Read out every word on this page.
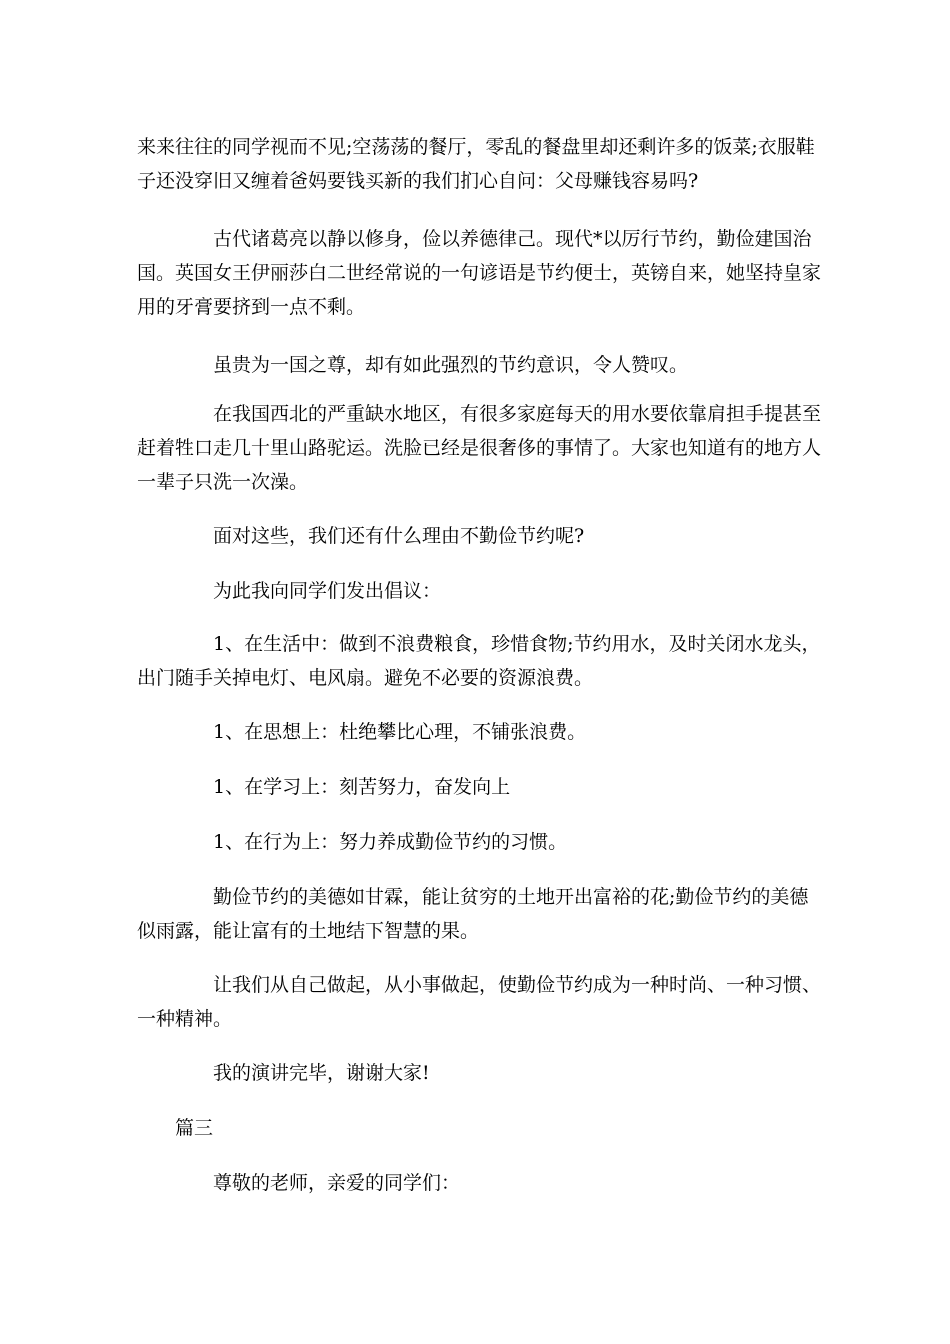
来来往往的同学视而不见;空荡荡的餐厅，零乱的餐盘里却还剩许多的饭菜;衣服鞋子还没穿旧又缠着爸妈要钱买新的我们扪心自问：父母赚钱容易吗?

古代诸葛亮以静以修身，俭以养德律己。现代*以厉行节约，勤俭建国治国。英国女王伊丽莎白二世经常说的一句谚语是节约便士，英镑自来，她坚持皇家用的牙膏要挤到一点不剩。

虽贵为一国之尊，却有如此强烈的节约意识，令人赞叹。

在我国西北的严重缺水地区，有很多家庭每天的用水要依靠肩担手提甚至赶着牲口走几十里山路驼运。洗脸已经是很奢侈的事情了。大家也知道有的地方人一辈子只洗一次澡。

面对这些，我们还有什么理由不勤俭节约呢?

为此我向同学们发出倡议：

1、在生活中：做到不浪费粮食，珍惜食物;节约用水，及时关闭水龙头，出门随手关掉电灯、电风扇。避免不必要的资源浪费。

1、在思想上：杜绝攀比心理，不铺张浪费。

1、在学习上：刻苦努力，奋发向上

1、在行为上：努力养成勤俭节约的习惯。

勤俭节约的美德如甘霖，能让贫穷的土地开出富裕的花;勤俭节约的美德似雨露，能让富有的土地结下智慧的果。

让我们从自己做起，从小事做起，使勤俭节约成为一种时尚、一种习惯、一种精神。

我的演讲完毕，谢谢大家!

篇三

尊敬的老师，亲爱的同学们：
